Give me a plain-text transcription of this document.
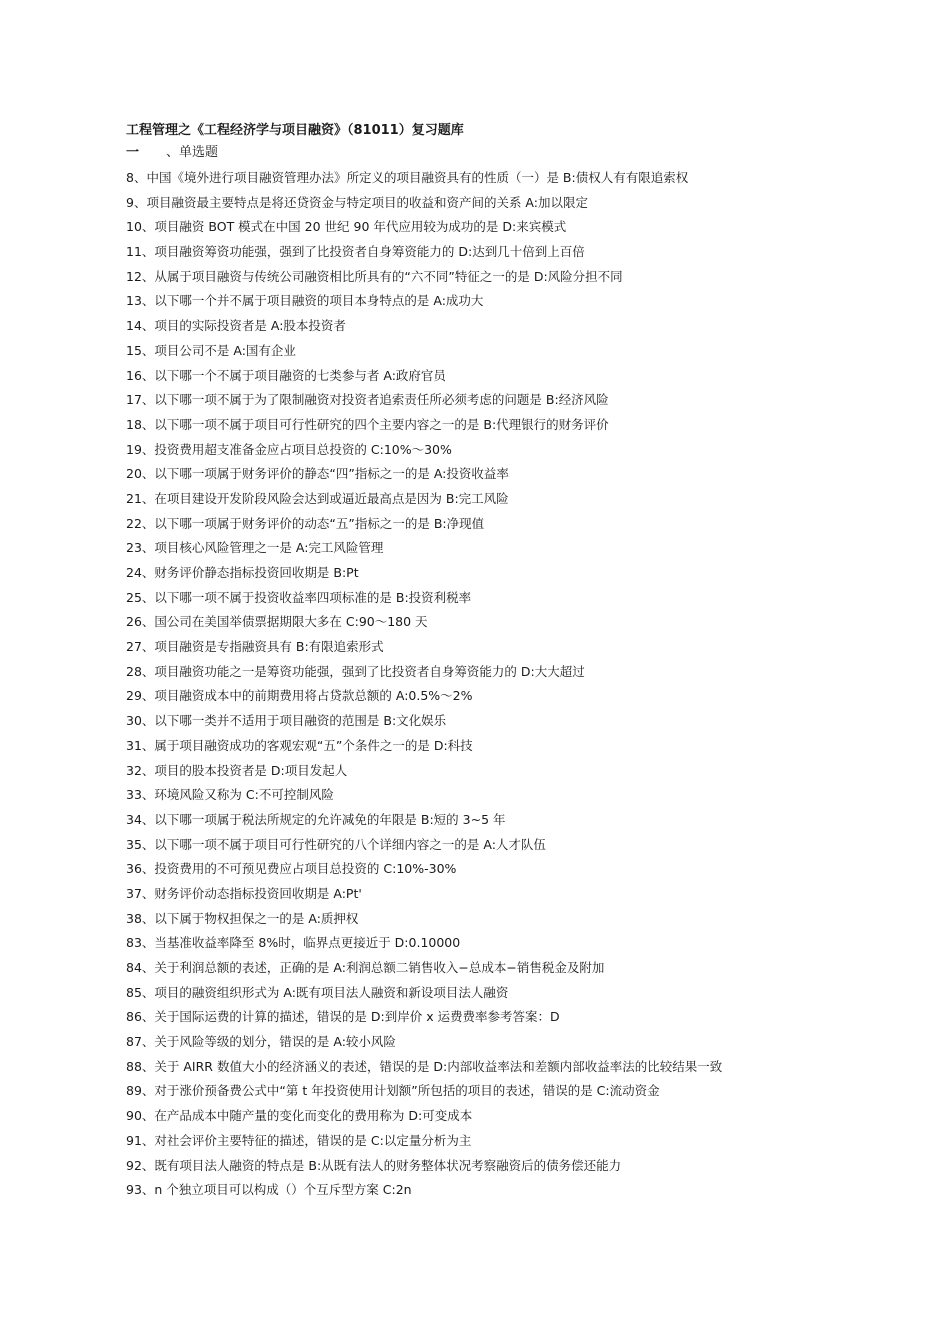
工程管理之《工程经济学与项目融资》（81011）复习题库
一 、单选题
8、中国《境外进行项目融资管理办法》所定义的项目融资具有的性质（一）是 B:债权人有有限追索权
9、项目融资最主要特点是将还贷资金与特定项目的收益和资产间的关系 A:加以限定
10、项目融资 BOT 模式在中国 20 世纪 90 年代应用较为成功的是 D:来宾模式
11、项目融资筹资功能强，强到了比投资者自身筹资能力的 D:达到几十倍到上百倍
12、从属于项目融资与传统公司融资相比所具有的“六不同”特征之一的是 D:风险分担不同
13、以下哪一个并不属于项目融资的项目本身特点的是 A:成功大
14、项目的实际投资者是 A:股本投资者
15、项目公司不是 A:国有企业
16、以下哪一个不属于项目融资的七类参与者 A:政府官员
17、以下哪一项不属于为了限制融资对投资者追索责任所必须考虑的问题是 B:经济风险
18、以下哪一项不属于项目可行性研究的四个主要内容之一的是 B:代理银行的财务评价
19、投资费用超支准备金应占项目总投资的 C:10%～30%
20、以下哪一项属于财务评价的静态“四”指标之一的是 A:投资收益率
21、在项目建设开发阶段风险会达到或逼近最高点是因为 B:完工风险
22、以下哪一项属于财务评价的动态“五”指标之一的是 B:净现值
23、项目核心风险管理之一是 A:完工风险管理
24、财务评价静态指标投资回收期是 B:Pt
25、以下哪一项不属于投资收益率四项标准的是 B:投资利税率
26、国公司在美国举债票据期限大多在 C:90～180 天
27、项目融资是专指融资具有 B:有限追索形式
28、项目融资功能之一是筹资功能强，强到了比投资者自身筹资能力的 D:大大超过
29、项目融资成本中的前期费用将占贷款总额的 A:0.5%～2%
30、以下哪一类并不适用于项目融资的范围是 B:文化娱乐
31、属于项目融资成功的客观宏观“五”个条件之一的是 D:科技
32、项目的股本投资者是 D:项目发起人
33、环境风险又称为 C:不可控制风险
34、以下哪一项属于税法所规定的允许减免的年限是 B:短的 3~5 年
35、以下哪一项不属于项目可行性研究的八个详细内容之一的是 A:人才队伍
36、投资费用的不可预见费应占项目总投资的 C:10%-30%
37、财务评价动态指标投资回收期是 A:Pt'
38、以下属于物权担保之一的是 A:质押权
83、当基准收益率降至 8%时，临界点更接近于 D:0.10000
84、关于利润总额的表述，正确的是 A:利润总额二销售收入−总成本−销售税金及附加
85、项目的融资组织形式为 A:既有项目法人融资和新设项目法人融资
86、关于国际运费的计算的描述，错误的是 D:到岸价 x 运费费率参考答案：D
87、关于风险等级的划分，错误的是 A:较小风险
88、关于 AIRR 数值大小的经济涵义的表述，错误的是 D:内部收益率法和差额内部收益率法的比较结果一致
89、对于涨价预备费公式中“第 t 年投资使用计划额”所包括的项目的表述，错误的是 C:流动资金
90、在产品成本中随产量的变化而变化的费用称为 D:可变成本
91、对社会评价主要特征的描述，错误的是 C:以定量分析为主
92、既有项目法人融资的特点是 B:从既有法人的财务整体状况考察融资后的债务偿还能力
93、n 个独立项目可以构成（）个互斥型方案 C:2n
